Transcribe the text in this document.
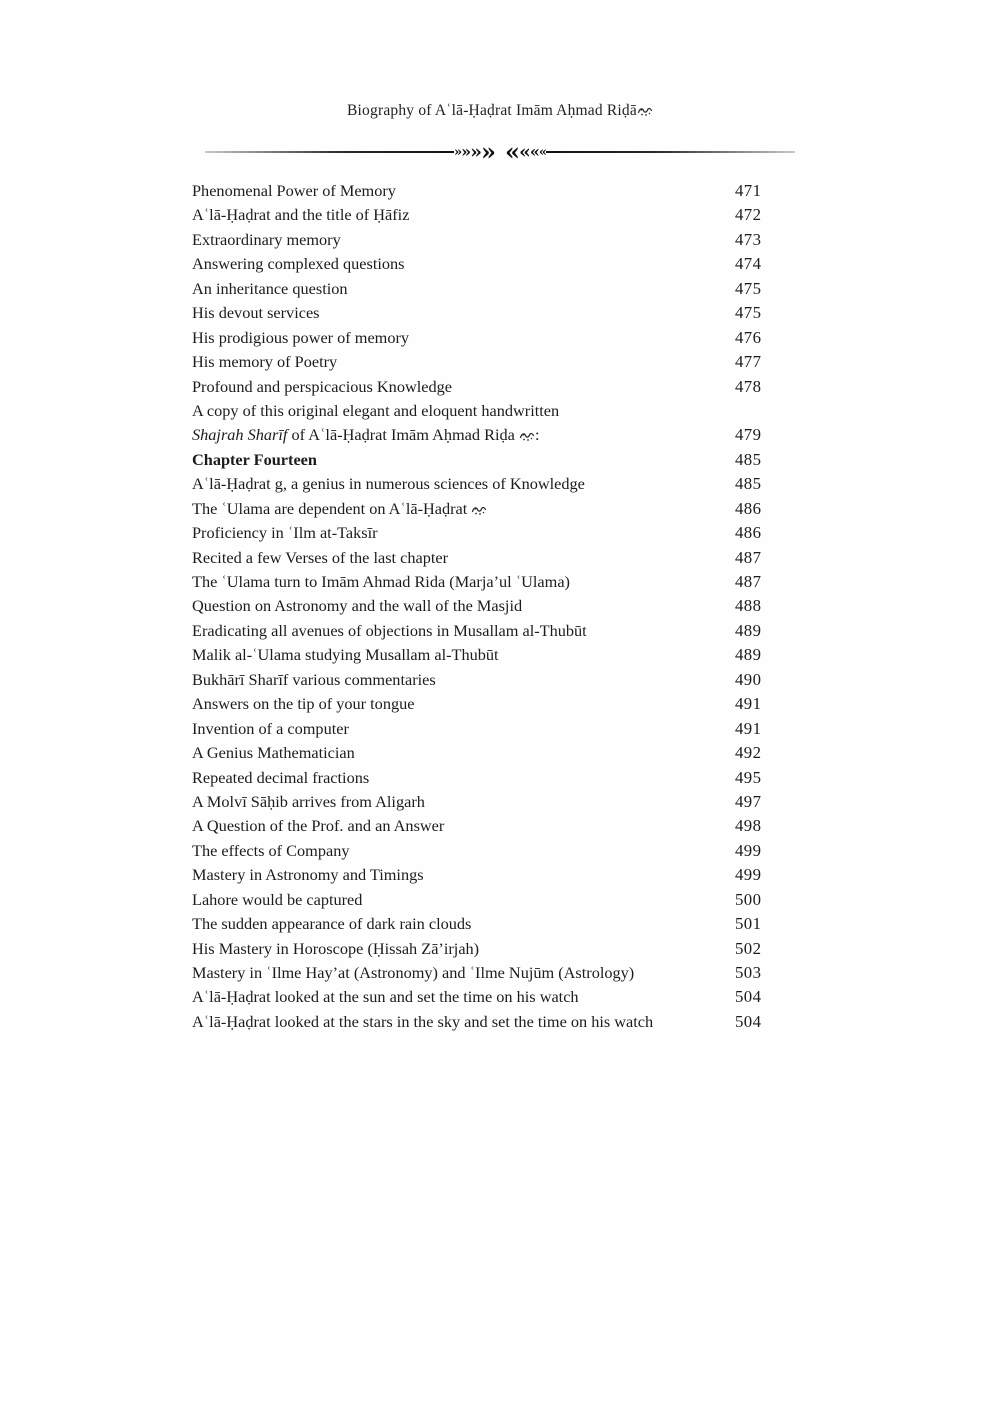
Biography of Aʿlā-Ḥaḍrat Imām Aḥmad Riḍā
» » » » « « « «
Phenomenal Power of Memory	471
Aʿlā-Ḥaḍrat and the title of Ḥāfiz	472
Extraordinary memory	473
Answering complexed questions	474
An inheritance question	475
His devout services	475
His prodigious power of memory	476
His memory of Poetry	477
Profound and perspicacious Knowledge	478
A copy of this original elegant and eloquent handwritten
Shajrah Sharīf of Aʿlā-Ḥaḍrat Imām Aḥmad Riḍa :	479
Chapter Fourteen	485
Aʿlā-Ḥaḍrat g, a genius in numerous sciences of Knowledge	485
The ʿUlama are dependent on Aʿlā-Ḥaḍrat	486
Proficiency in ʿIlm at-Taksīr	486
Recited a few Verses of the last chapter	487
The ʿUlama turn to Imām Ahmad Rida (Marja’ul ʿUlama)	487
Question on Astronomy and the wall of the Masjid	488
Eradicating all avenues of objections in Musallam al-Thubūt	489
Malik al-ʿUlama studying Musallam al-Thubūt	489
Bukhārī Sharīf various commentaries	490
Answers on the tip of your tongue	491
Invention of a computer	491
A Genius Mathematician	492
Repeated decimal fractions	495
A Molvī Sāḥib arrives from Aligarh	497
A Question of the Prof. and an Answer	498
The effects of Company	499
Mastery in Astronomy and Timings	499
Lahore would be captured	500
The sudden appearance of dark rain clouds	501
His Mastery in Horoscope (Ḥissah Zā’irjah)	502
Mastery in ʿIlme Hay’at (Astronomy) and ʿIlme Nujūm (Astrology)	503
Aʿlā-Ḥaḍrat looked at the sun and set the time on his watch	504
Aʿlā-Ḥaḍrat looked at the stars in the sky and set the time on his watch	504
